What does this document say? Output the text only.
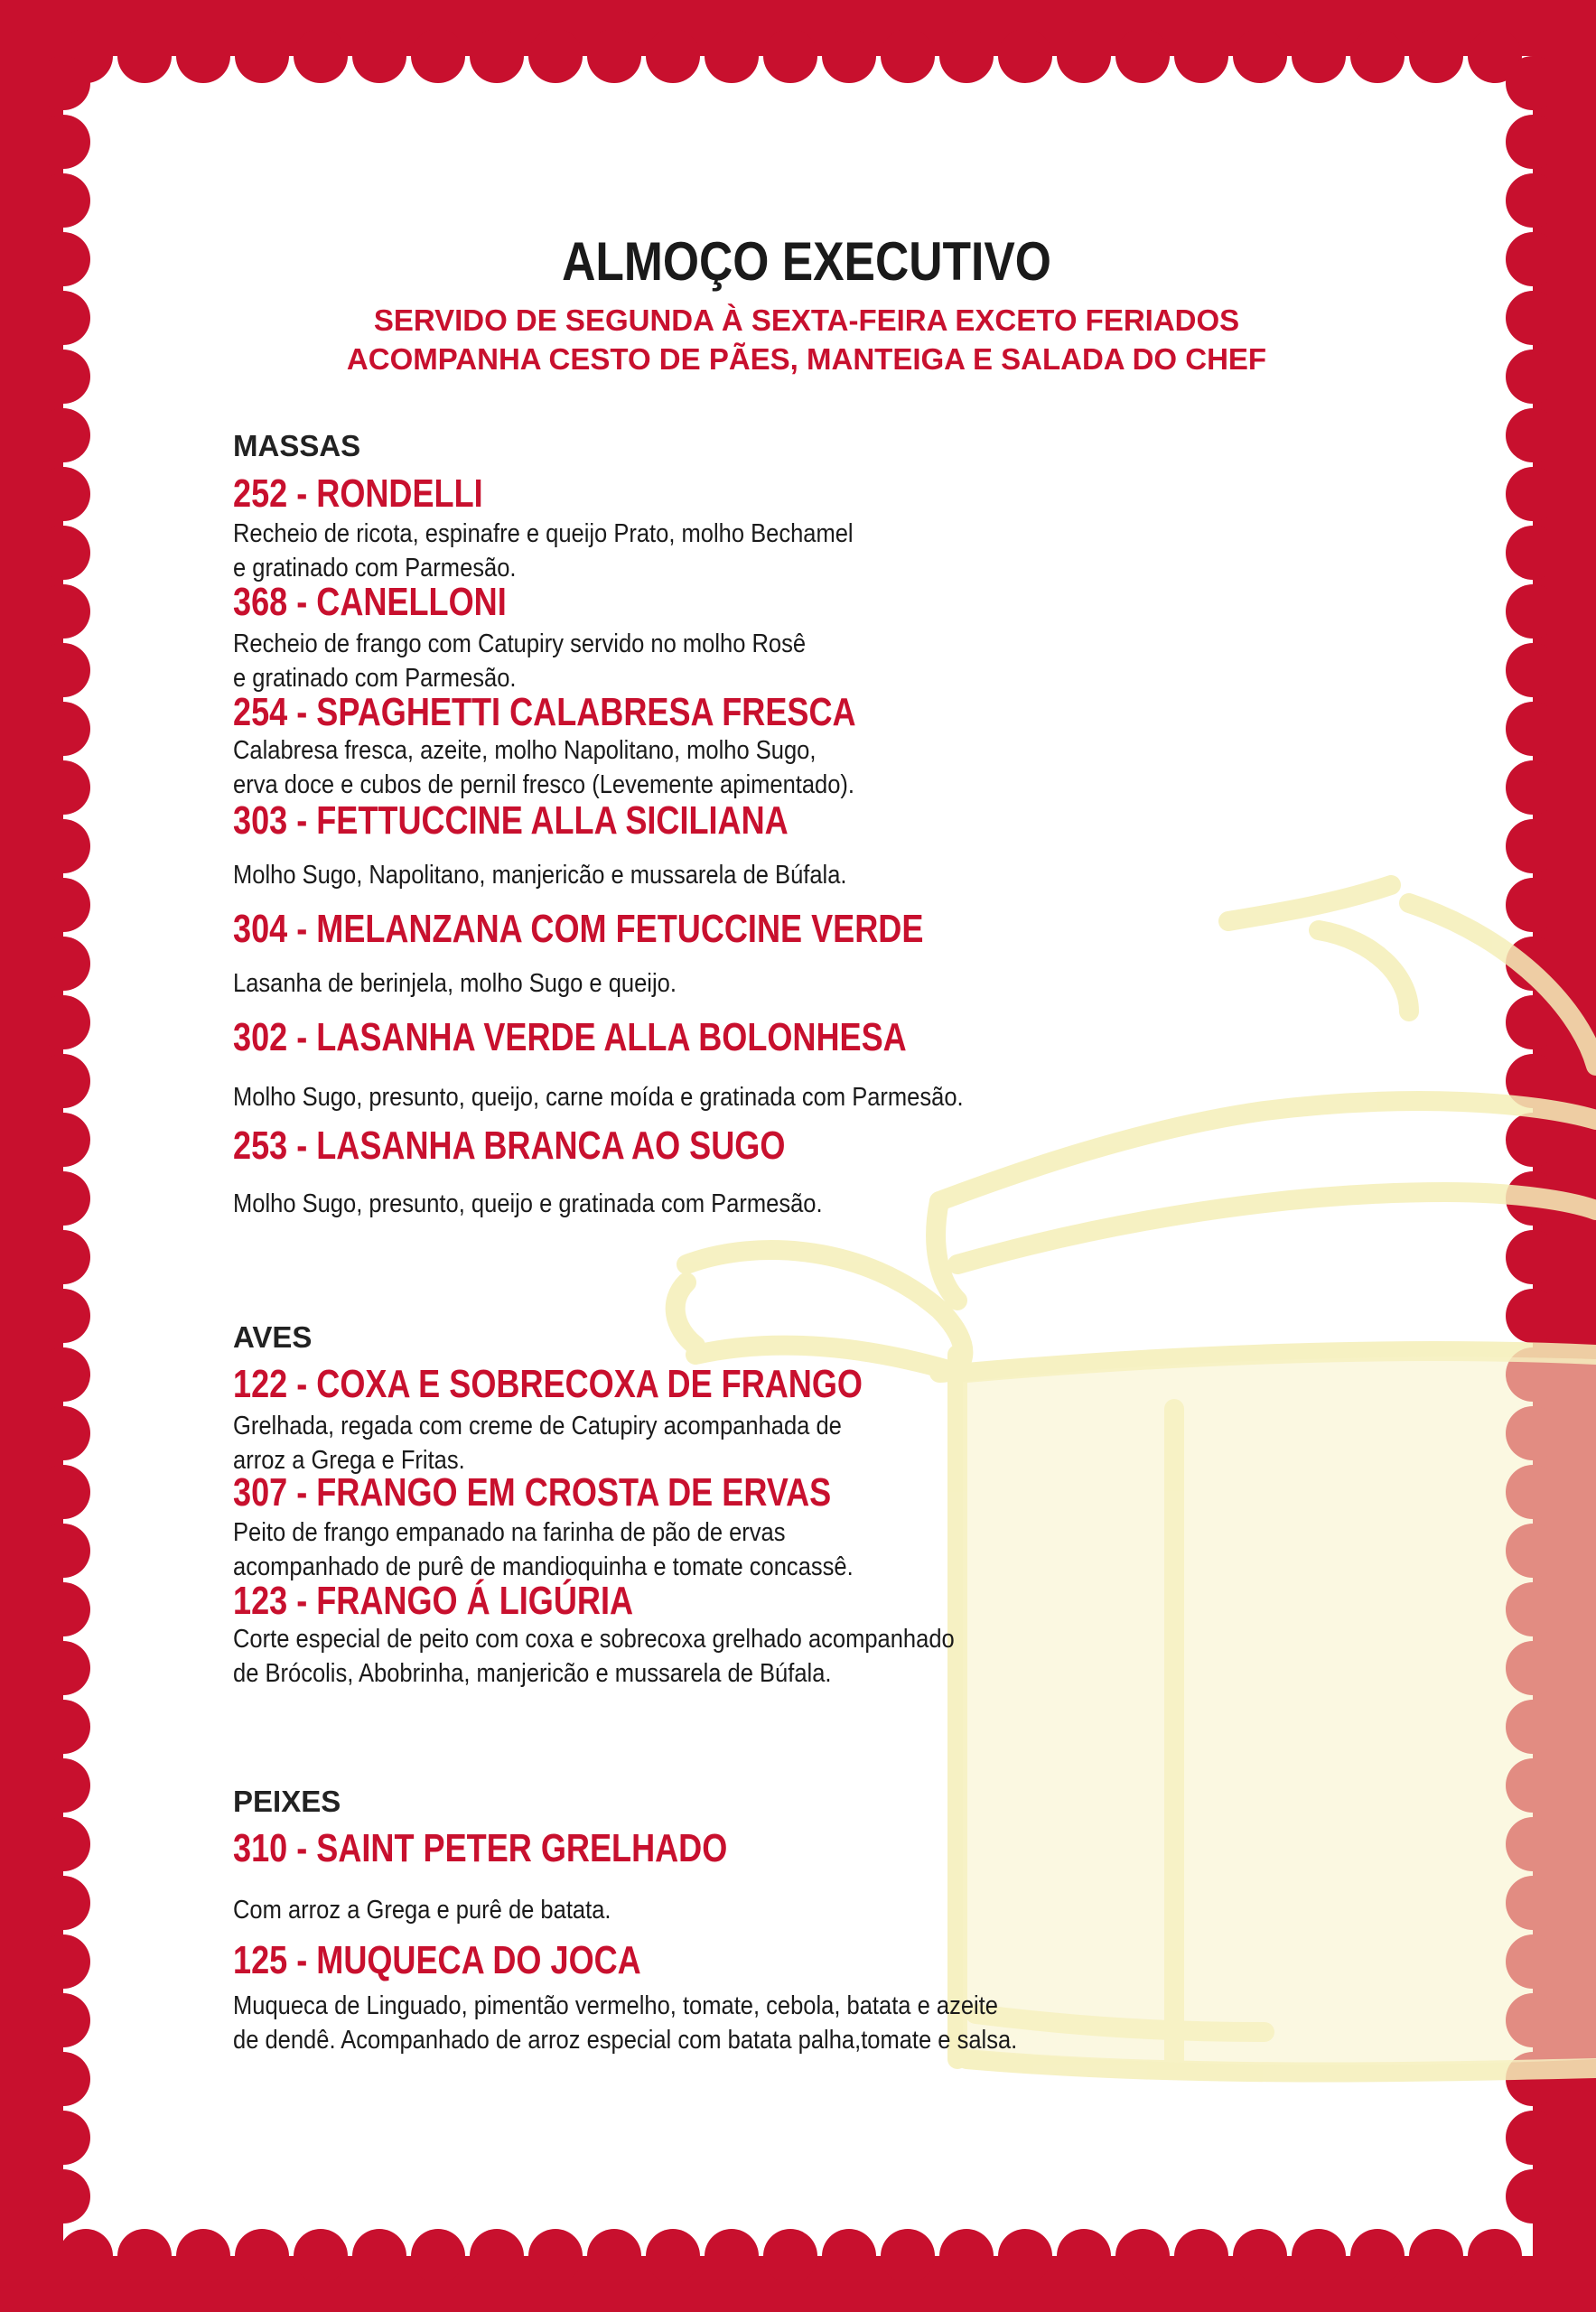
ALMOÇO EXECUTIVO

SERVIDO DE SEGUNDA À SEXTA-FEIRA EXCETO FERIADOS

ACOMPANHA CESTO DE PÃES, MANTEIGA E SALADA DO CHEF

MASSAS

252 - RONDELLI

Recheio de ricota, espinafre e queijo Prato, molho Bechamel
e gratinado com Parmesão.

368 - CANELLONI

Recheio de frango com Catupiry servido no molho Rosê
e gratinado com Parmesão.

254 - SPAGHETTI CALABRESA FRESCA

Calabresa fresca, azeite, molho Napolitano, molho Sugo,
erva doce e cubos de pernil fresco (Levemente apimentado).

303 - FETTUCCINE ALLA SICILIANA

Molho Sugo, Napolitano, manjericão e mussarela de Búfala.

304 - MELANZANA COM FETUCCINE VERDE

Lasanha de berinjela, molho Sugo e queijo.

302 - LASANHA VERDE ALLA BOLONHESA

Molho Sugo, presunto, queijo, carne moída e gratinada com Parmesão.

253 - LASANHA BRANCA AO SUGO

Molho Sugo, presunto, queijo e gratinada com Parmesão.

AVES

122 - COXA E SOBRECOXA DE FRANGO

Grelhada, regada com creme de Catupiry acompanhada de
arroz a Grega e Fritas.

307 - FRANGO EM CROSTA DE ERVAS

Peito de frango empanado na farinha de pão de ervas
acompanhado de purê de mandioquinha e tomate concassê.

123 - FRANGO Á LIGÚRIA

Corte especial de peito com coxa e sobrecoxa grelhado acompanhado
de Brócolis, Abobrinha, manjericão e mussarela de Búfala.

PEIXES

310 - SAINT PETER GRELHADO

Com arroz a Grega e purê de batata.

125 - MUQUECA DO JOCA

Muqueca de Linguado, pimentão vermelho, tomate, cebola, batata e azeite
de dendê. Acompanhado de arroz especial com batata palha,tomate e salsa.
